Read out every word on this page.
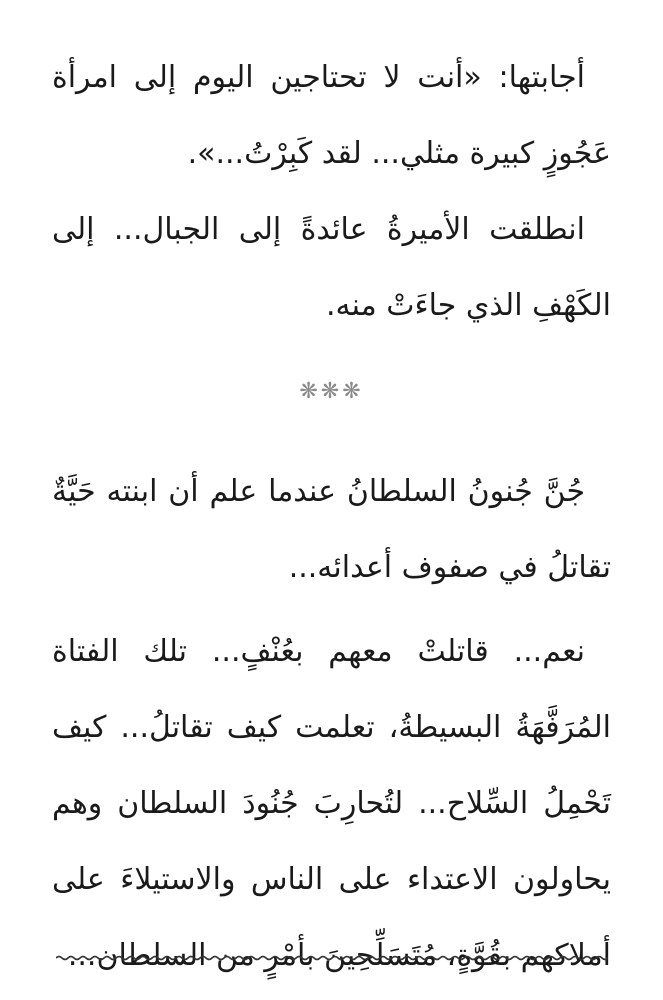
أجابتها: «أنت لا تحتاجين اليوم إلى امرأة عَجُوزٍ كبيرة مثلي... لقد كَبِرْتُ...».

انطلقت الأميرةُ عائدةً إلى الجبال... إلى الكَهْفِ الذي جاءَتْ منه.

❋❋❋

جُنَّ جُنونُ السلطانُ عندما علم أن ابنته حَيَّةٌ تقاتلُ في صفوف أعدائه...

نعم... قاتلتْ معهم بعُنْفٍ... تلك الفتاة المُرَفَّهَةُ البسيطةُ، تعلمت كيف تقاتلُ... كيف تَحْمِلُ السِّلاح... لتُحارِبَ جُنُودَ السلطان وهم يحاولون الاعتداء على الناس والاستيلاءَ على أملاكهم بقُوَّةٍ، مُتَسَلِّحِينَ بأمْرٍ من السلطان...
